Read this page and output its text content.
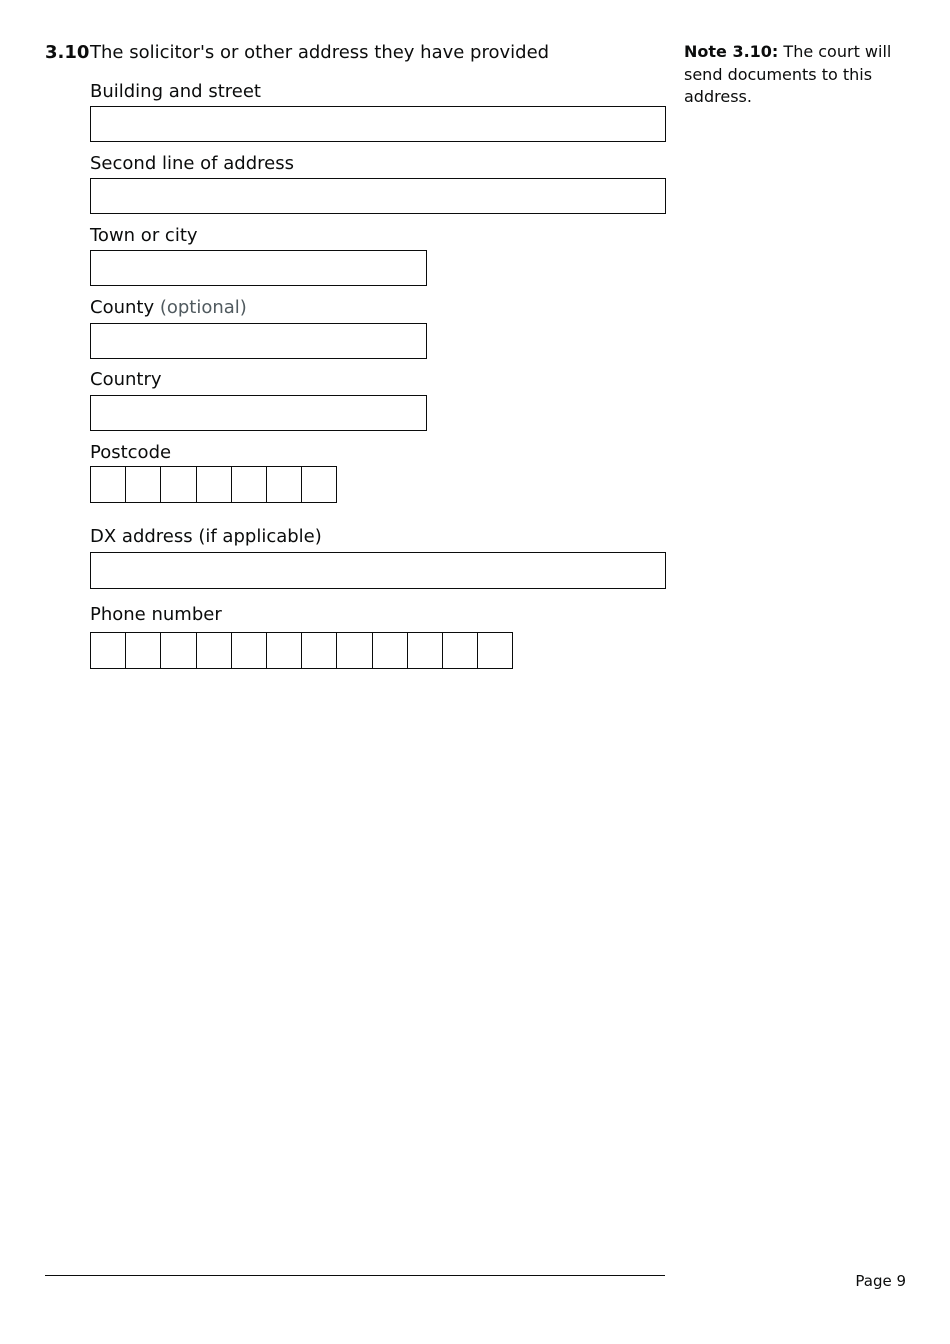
3.10 The solicitor's or other address they have provided	Note 3.10: The court will send documents to this address.

Building and street

Second line of address

Town or city

County (optional)

Country

Postcode

DX address (if applicable)

Phone number

Page 9
